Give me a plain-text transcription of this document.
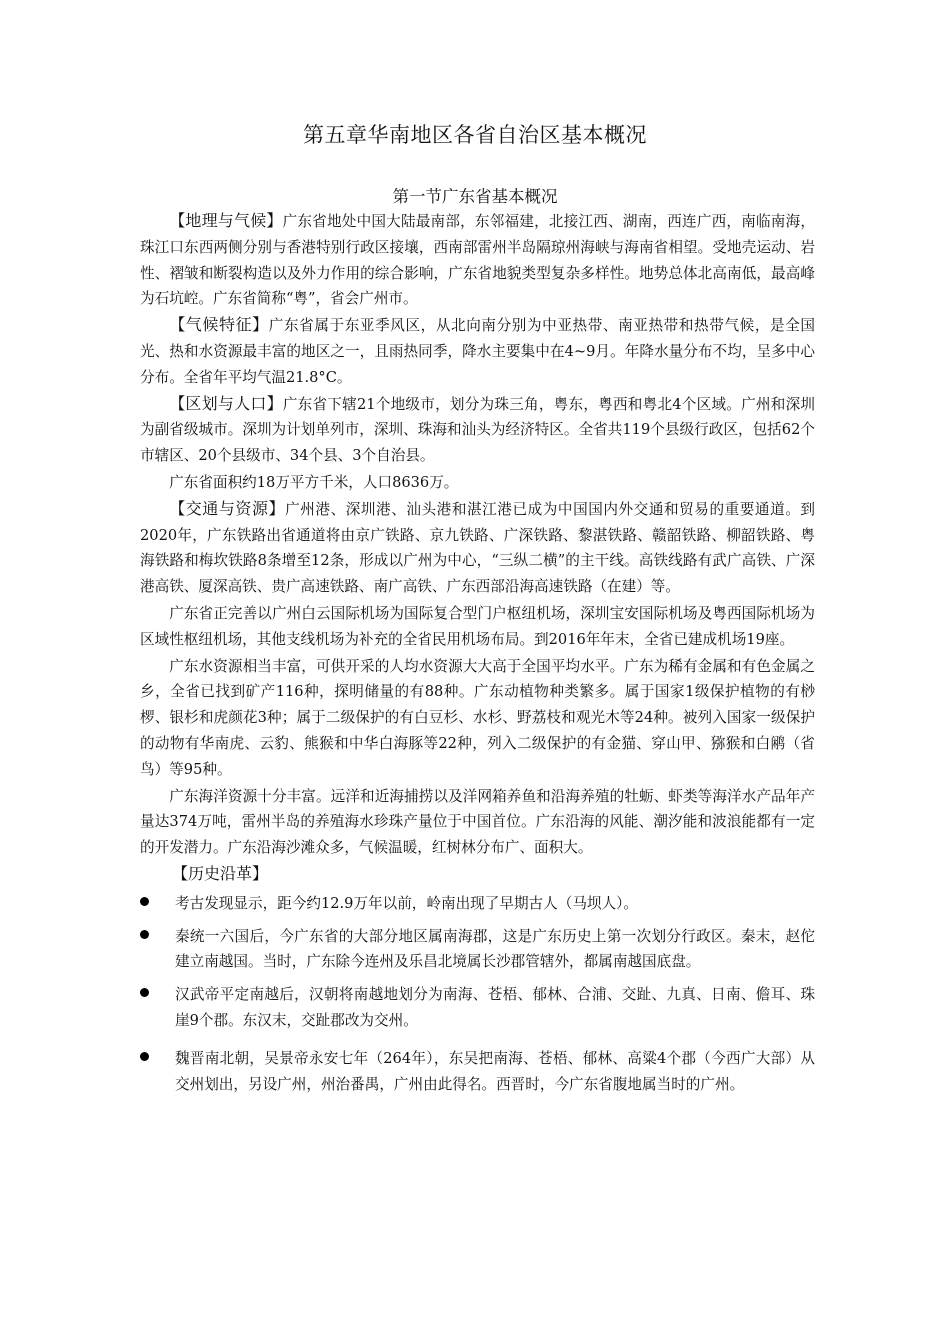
第五章华南地区各省自治区基本概况
第一节广东省基本概况

【地理与气候】广东省地处中国大陆最南部，东邻福建，北接江西、湖南，西连广西，南临南海，珠江口东西两侧分别与香港特别行政区接壤，西南部雷州半岛隔琼州海峡与海南省相望。受地壳运动、岩性、褶皱和断裂构造以及外力作用的综合影响，广东省地貌类型复杂多样性。地势总体北高南低，最高峰为石坑崆。广东省简称“粤”，省会广州市。

【气候特征】广东省属于东亚季风区，从北向南分别为中亚热带、南亚热带和热带气候，是全国光、热和水资源最丰富的地区之一，且雨热同季，降水主要集中在4~9月。年降水量分布不均，呈多中心分布。全省年平均气温21.8°C。

【区划与人口】广东省下辖21个地级市，划分为珠三角，粤东，粤西和粤北4个区域。广州和深圳为副省级城市。深圳为计划单列市，深圳、珠海和汕头为经济特区。全省共119个县级行政区，包括62个市辖区、20个县级市、34个县、3个自治县。

广东省面积约18万平方千米，人口8636万。

【交通与资源】广州港、深圳港、汕头港和湛江港已成为中国国内外交通和贸易的重要通道。到2020年，广东铁路出省通道将由京广铁路、京九铁路、广深铁路、黎湛铁路、赣韶铁路、柳韶铁路、粤海铁路和梅坎铁路8条增至12条，形成以广州为中心，“三纵二横”的主干线。高铁线路有武广高铁、广深港高铁、厦深高铁、贵广高速铁路、南广高铁、广东西部沿海高速铁路（在建）等。

广东省正完善以广州白云国际机场为国际复合型门户枢纽机场，深圳宝安国际机场及粤西国际机场为区域性枢纽机场，其他支线机场为补充的全省民用机场布局。到2016年年末，全省已建成机场19座。

广东水资源相当丰富，可供开采的人均水资源大大高于全国平均水平。广东为稀有金属和有色金属之乡，全省已找到矿产116种，探明储量的有88种。广东动植物种类繁多。属于国家1级保护植物的有桫椤、银杉和虎颜花3种；属于二级保护的有白豆杉、水杉、野荔枝和观光木等24种。被列入国家一级保护的动物有华南虎、云豹、熊猴和中华白海豚等22种，列入二级保护的有金猫、穿山甲、猕猴和白鹇（省鸟）等95种。

广东海洋资源十分丰富。远洋和近海捕捞以及洋网箱养鱼和沿海养殖的牡蛎、虾类等海洋水产品年产量达374万吨，雷州半岛的养殖海水珍珠产量位于中国首位。广东沿海的风能、潮汐能和波浪能都有一定的开发潜力。广东沿海沙滩众多，气候温暖，红树林分布广、面积大。

【历史沿革】

考古发现显示，距今约12.9万年以前，岭南出现了早期古人（马坝人）。
秦统一六国后，今广东省的大部分地区属南海郡，这是广东历史上第一次划分行政区。秦末，赵佗建立南越国。当时，广东除今连州及乐昌北境属长沙郡管辖外，都属南越国底盘。
汉武帝平定南越后，汉朝将南越地划分为南海、苍梧、郁林、合浦、交趾、九真、日南、儋耳、珠崖9个郡。东汉末，交趾郡改为交州。
魏晋南北朝，吴景帝永安七年（264年），东吴把南海、苍梧、郁林、高粱4个郡（今西广大部）从交州划出，另设广州，州治番禺，广州由此得名。西晋时，今广东省腹地属当时的广州。
